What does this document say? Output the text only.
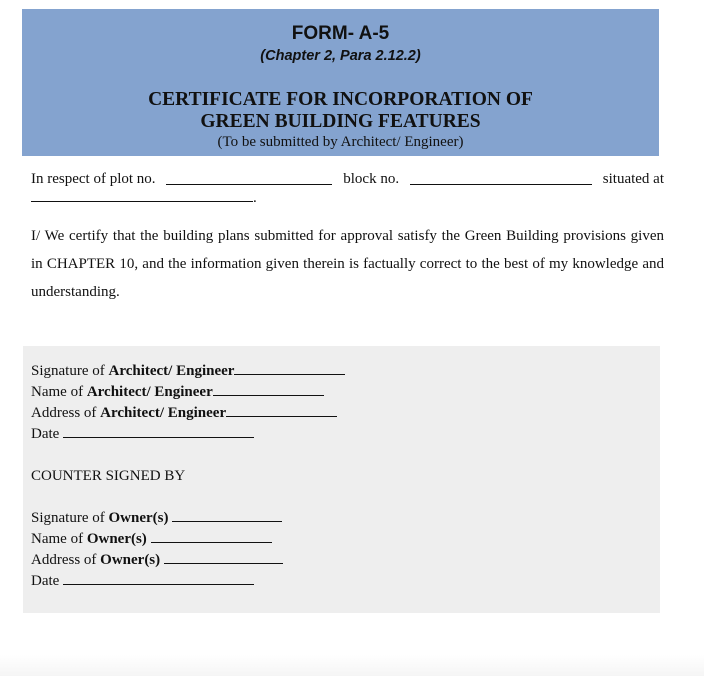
FORM- A-5
(Chapter 2, Para 2.12.2)
CERTIFICATE FOR INCORPORATION OF
GREEN BUILDING FEATURES
(To be submitted by Architect/ Engineer)
In respect of plot no.	block no.	situated at
.
I/ We certify that the building plans submitted for approval satisfy the Green Building provisions given in CHAPTER 10, and the information given therein is factually correct to the best of my knowledge and understanding.
Signature of Architect/ Engineer
Name of Architect/ Engineer
Address of Architect/ Engineer
Date
COUNTER SIGNED BY
Signature of Owner(s)
Name of Owner(s)
Address of Owner(s)
Date
